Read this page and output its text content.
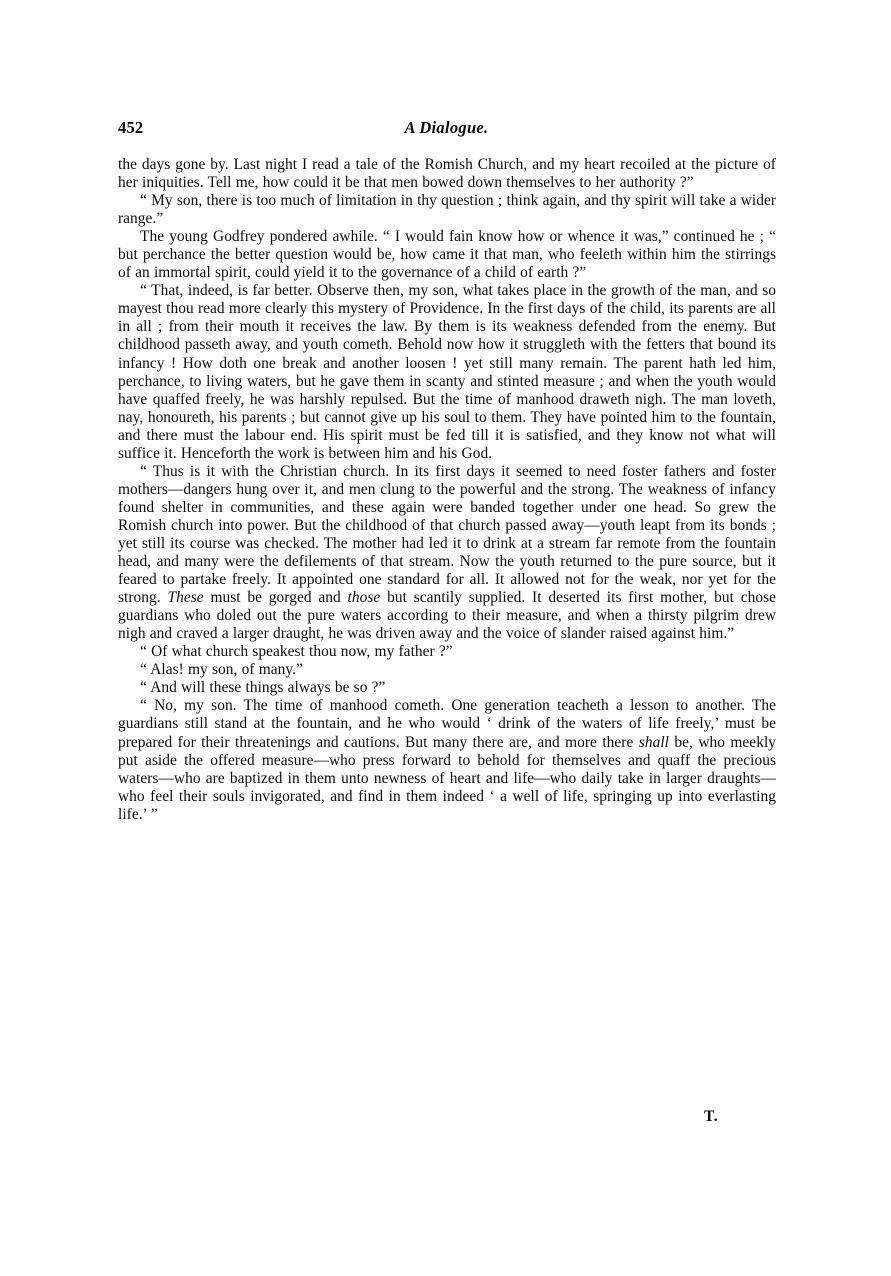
452	A Dialogue.

the days gone by. Last night I read a tale of the Romish Church, and my heart recoiled at the picture of her iniquities. Tell me, how could it be that men bowed down themselves to her authority ?”

“ My son, there is too much of limitation in thy question ; think again, and thy spirit will take a wider range.”

The young Godfrey pondered awhile. “ I would fain know how or whence it was,” continued he ; “ but perchance the better question would be, how came it that man, who feeleth within him the stirrings of an immortal spirit, could yield it to the governance of a child of earth ?”

“ That, indeed, is far better. Observe then, my son, what takes place in the growth of the man, and so mayest thou read more clearly this mystery of Providence. In the first days of the child, its parents are all in all ; from their mouth it receives the law. By them is its weakness defended from the enemy. But childhood passeth away, and youth cometh. Behold now how it struggleth with the fetters that bound its infancy ! How doth one break and another loosen ! yet still many remain. The parent hath led him, perchance, to living waters, but he gave them in scanty and stinted measure ; and when the youth would have quaffed freely, he was harshly repulsed. But the time of manhood draweth nigh. The man loveth, nay, honoureth, his parents ; but cannot give up his soul to them. They have pointed him to the fountain, and there must the labour end. His spirit must be fed till it is satisfied, and they know not what will suffice it. Henceforth the work is between him and his God.

“ Thus is it with the Christian church. In its first days it seemed to need foster fathers and foster mothers—dangers hung over it, and men clung to the powerful and the strong. The weakness of infancy found shelter in communities, and these again were banded together under one head. So grew the Romish church into power. But the childhood of that church passed away—youth leapt from its bonds ; yet still its course was checked. The mother had led it to drink at a stream far remote from the fountain head, and many were the defilements of that stream. Now the youth returned to the pure source, but it feared to partake freely. It appointed one standard for all. It allowed not for the weak, nor yet for the strong. These must be gorged and those but scantily supplied. It deserted its first mother, but chose guardians who doled out the pure waters according to their measure, and when a thirsty pilgrim drew nigh and craved a larger draught, he was driven away and the voice of slander raised against him.”

“ Of what church speakest thou now, my father ?”

“ Alas! my son, of many.”

“ And will these things always be so ?”

“ No, my son. The time of manhood cometh. One generation teacheth a lesson to another. The guardians still stand at the fountain, and he who would ‘ drink of the waters of life freely,’ must be prepared for their threatenings and cautions. But many there are, and more there shall be, who meekly put aside the offered measure—who press forward to behold for themselves and quaff the precious waters—who are baptized in them unto newness of heart and life—who daily take in larger draughts—who feel their souls invigorated, and find in them indeed ‘ a well of life, springing up into everlasting life.’ ”

T.
